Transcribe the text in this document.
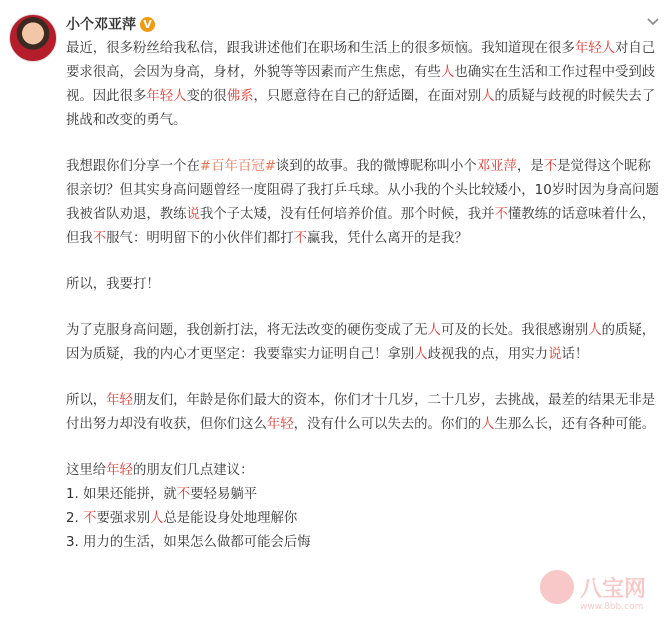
小个邓亚萍 V
最近，很多粉丝给我私信，跟我讲述他们在职场和生活上的很多烦恼。我知道现在很多年轻人对自己要求很高，会因为身高，身材，外貌等等因素而产生焦虑，有些人也确实在生活和工作过程中受到歧视。因此很多年轻人变的很佛系，只愿意待在自己的舒适圈，在面对别人的质疑与歧视的时候失去了挑战和改变的勇气。
我想跟你们分享一个在#百年百冠#谈到的故事。我的微博昵称叫小个邓亚萍，是不是觉得这个昵称很亲切？但其实身高问题曾经一度阻碍了我打乒乓球。从小我的个头比较矮小，10岁时因为身高问题我被省队劝退，教练说我个子太矮，没有任何培养价值。那个时候，我并不懂教练的话意味着什么，但我不服气：明明留下的小伙伴们都打不赢我，凭什么离开的是我？
所以，我要打！
为了克服身高问题，我创新打法，将无法改变的硬伤变成了无人可及的长处。我很感谢别人的质疑，因为质疑，我的内心才更坚定：我要靠实力证明自己！拿别人歧视我的点，用实力说话！
所以，年轻朋友们，年龄是你们最大的资本，你们才十几岁，二十几岁，去挑战，最差的结果无非是付出努力却没有收获，但你们这么年轻，没有什么可以失去的。你们的人生那么长，还有各种可能。
这里给年轻的朋友们几点建议：
1. 如果还能拼，就不要轻易躺平
2. 不要强求别人总是能设身处地理解你
3. 用力的生活，如果怎么做都可能会后悔
八宝网
www.8bb.com
